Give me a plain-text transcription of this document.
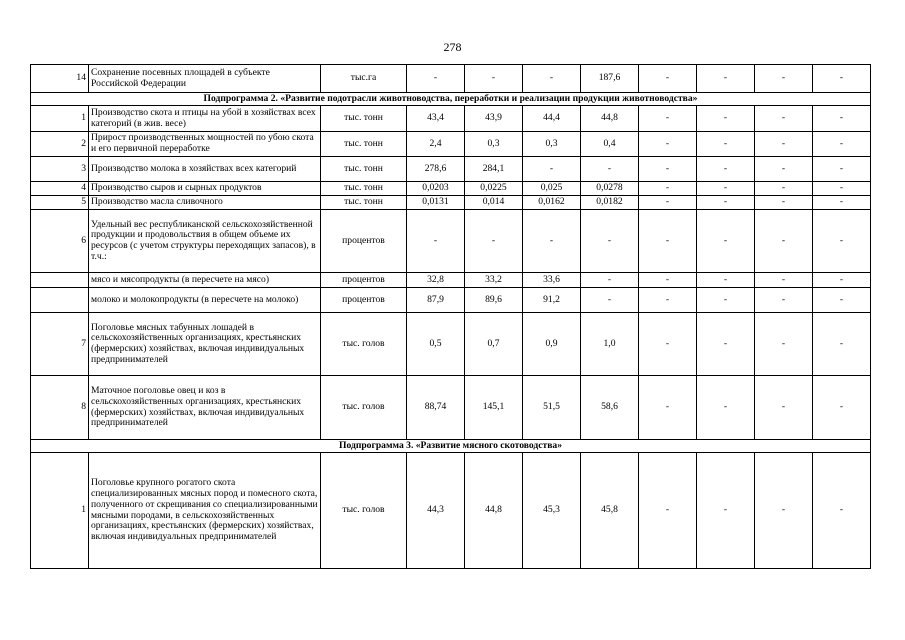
278
14	Сохранение посевных площадей в субъекте Российской Федерации	тыс.га	-	-	-	187,6	-	-	-	-
Подпрограмма 2. «Развитие подотрасли животноводства, переработки и реализации продукции животноводства»										
1	Производство скота и птицы на убой в хозяйствах всех категорий (в жив. весе)	тыс. тонн	43,4	43,9	44,4	44,8	-	-	-	-
2	Прирост производственных мощностей по убою скота и его первичной переработке	тыс. тонн	2,4	0,3	0,3	0,4	-	-	-	-
3	Производство молока в хозяйствах всех категорий	тыс. тонн	278,6	284,1	-	-	-	-	-	-
4	Производство сыров и сырных продуктов	тыс. тонн	0,0203	0,0225	0,025	0,0278	-	-	-	-
5	Производство масла сливочного	тыс. тонн	0,0131	0,014	0,0162	0,0182	-	-	-	-
6	Удельный вес республиканской сельскохозяйственной продукции и продовольствия в общем объеме их ресурсов (с учетом структуры переходящих запасов), в т.ч.:	процентов	-	-	-	-	-	-	-	-
	мясо и мясопродукты (в пересчете на мясо)	процентов	32,8	33,2	33,6	-	-	-	-	-
	молоко и молокопродукты (в пересчете на молоко)	процентов	87,9	89,6	91,2	-	-	-	-	-
7	Поголовье мясных табунных лошадей в сельскохозяйственных организациях, крестьянских (фермерских) хозяйствах, включая индивидуальных предпринимателей	тыс. голов	0,5	0,7	0,9	1,0	-	-	-	-
8	Маточное поголовье овец и коз в сельскохозяйственных организациях, крестьянских (фермерских) хозяйствах, включая индивидуальных предпринимателей	тыс. голов	88,74	145,1	51,5	58,6	-	-	-	-
Подпрограмма 3. «Развитие мясного скотоводства»										
1	Поголовье крупного рогатого скота специализированных мясных пород и помесного скота, полученного от скрещивания со специализированными мясными породами, в сельскохозяйственных организациях, крестьянских (фермерских) хозяйствах, включая индивидуальных предпринимателей	тыс. голов	44,3	44,8	45,3	45,8	-	-	-	-
